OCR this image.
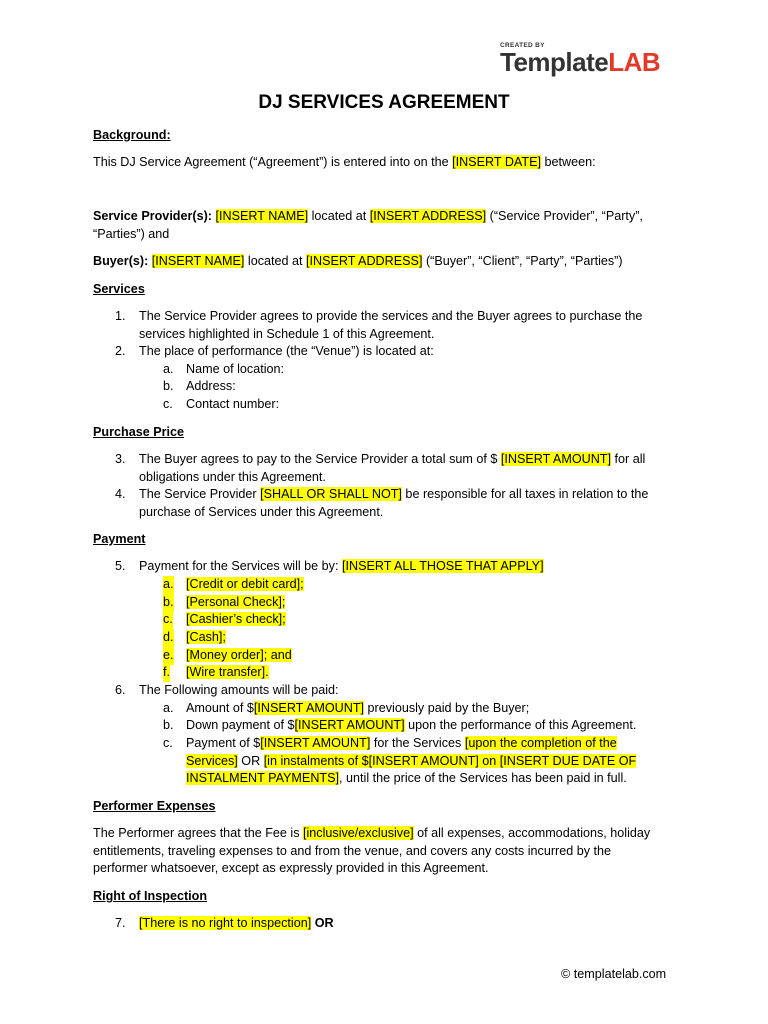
CREATED BY
TemplateLAB
DJ SERVICES AGREEMENT
Background:
This DJ Service Agreement (“Agreement”) is entered into on the [INSERT DATE] between:
Service Provider(s): [INSERT NAME] located at [INSERT ADDRESS] (“Service Provider”, “Party”,
“Parties”) and
Buyer(s): [INSERT NAME] located at [INSERT ADDRESS] (“Buyer”, “Client”, “Party”, “Parties”)
Services
1. The Service Provider agrees to provide the services and the Buyer agrees to purchase the
services highlighted in Schedule 1 of this Agreement.
2. The place of performance (the “Venue”) is located at:
a. Name of location:
b. Address:
c. Contact number:
Purchase Price
3. The Buyer agrees to pay to the Service Provider a total sum of $ [INSERT AMOUNT] for all
obligations under this Agreement.
4. The Service Provider [SHALL OR SHALL NOT] be responsible for all taxes in relation to the
purchase of Services under this Agreement.
Payment
5. Payment for the Services will be by: [INSERT ALL THOSE THAT APPLY]
a. [Credit or debit card];
b. [Personal Check];
c. [Cashier’s check];
d. [Cash];
e. [Money order]; and
f. [Wire transfer].
6. The Following amounts will be paid:
a. Amount of $[INSERT AMOUNT] previously paid by the Buyer;
b. Down payment of $[INSERT AMOUNT] upon the performance of this Agreement.
c. Payment of $[INSERT AMOUNT] for the Services [upon the completion of the
Services] OR [in instalments of $[INSERT AMOUNT] on [INSERT DUE DATE OF
INSTALMENT PAYMENTS], until the price of the Services has been paid in full.
Performer Expenses
The Performer agrees that the Fee is [inclusive/exclusive] of all expenses, accommodations, holiday
entitlements, traveling expenses to and from the venue, and covers any costs incurred by the
performer whatsoever, except as expressly provided in this Agreement.
Right of Inspection
7. [There is no right to inspection] OR
© templatelab.com
